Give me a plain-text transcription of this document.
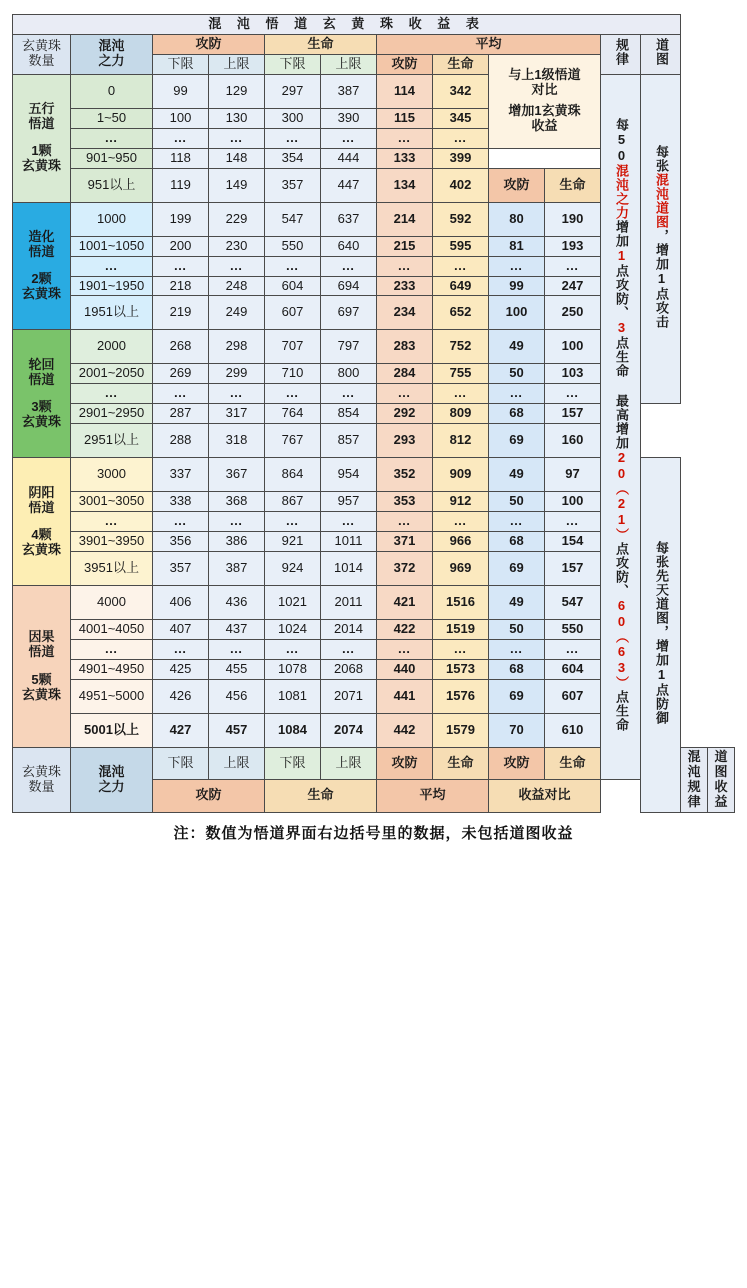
混 沌 悟 道 玄 黄 珠 收 益 表													

玄黄珠
数量

混沌
之力
	攻防	生命	平均	规律	道图
		下限	上限	下限	上限	攻防	生命	与上1级悟道
对比
增加1玄黄珠
收益					

五行
悟道
1颗
玄黄珠	0	99	129	297	387	114	342			每50混沌之力增加1点攻防、3点生命 最高增加20（21）点攻防、60（63）点生命	每张混沌道图，增加1点攻击		
	1~50	100	130	300	390	115	345						
	…	…	…	…	…	…	…						
	901~950	118	148	354	444	133	399						
	951以上	119	149	357	447	134	402	攻防	生命				

造化
悟道
2颗
玄黄珠	1000	199	229	547	637	214	592	80	190				
	1001~1050	200	230	550	640	215	595	81	193				
	…	…	…	…	…	…	…	…	…				
	1901~1950	218	248	604	694	233	649	99	247				
	1951以上	219	249	607	697	234	652	100	250				

轮回
悟道
3颗
玄黄珠	2000	268	298	707	797	283	752	49	100				
	2001~2050	269	299	710	800	284	755	50	103				
	…	…	…	…	…	…	…	…	…				
	2901~2950	287	317	764	854	292	809	68	157				
	2951以上	288	318	767	857	293	812	69	160				

阴阳
悟道
4颗
玄黄珠	3000	337	367	864	954	352	909	49	97		每张先天道图，增加1点防御		
	3001~3050	338	368	867	957	353	912	50	100				
	…	…	…	…	…	…	…	…	…				
	3901~3950	356	386	921	1011	371	966	68	154				
	3951以上	357	387	924	1014	372	969	69	157				

因果
悟道
5颗
玄黄珠	4000	406	436	1021	2011	421	1516	49	547				
	4001~4050	407	437	1024	2014	422	1519	50	550				
	…	…	…	…	…	…	…	…	…				
	4901~4950	425	455	1078	2068	440	1573	68	604				
	4951~5000	426	456	1081	2071	441	1576	69	607				
	5001以上	427	457	1084	2074	442	1579	70	610				

玄黄珠
数量

混沌
之力
	下限	上限	下限	上限	攻防	生命	攻防	生命	混沌
规律

道图
收益

		攻防		生命		平均		收益对比					
注：数值为悟道界面右边括号里的数据，未包括道图收益
